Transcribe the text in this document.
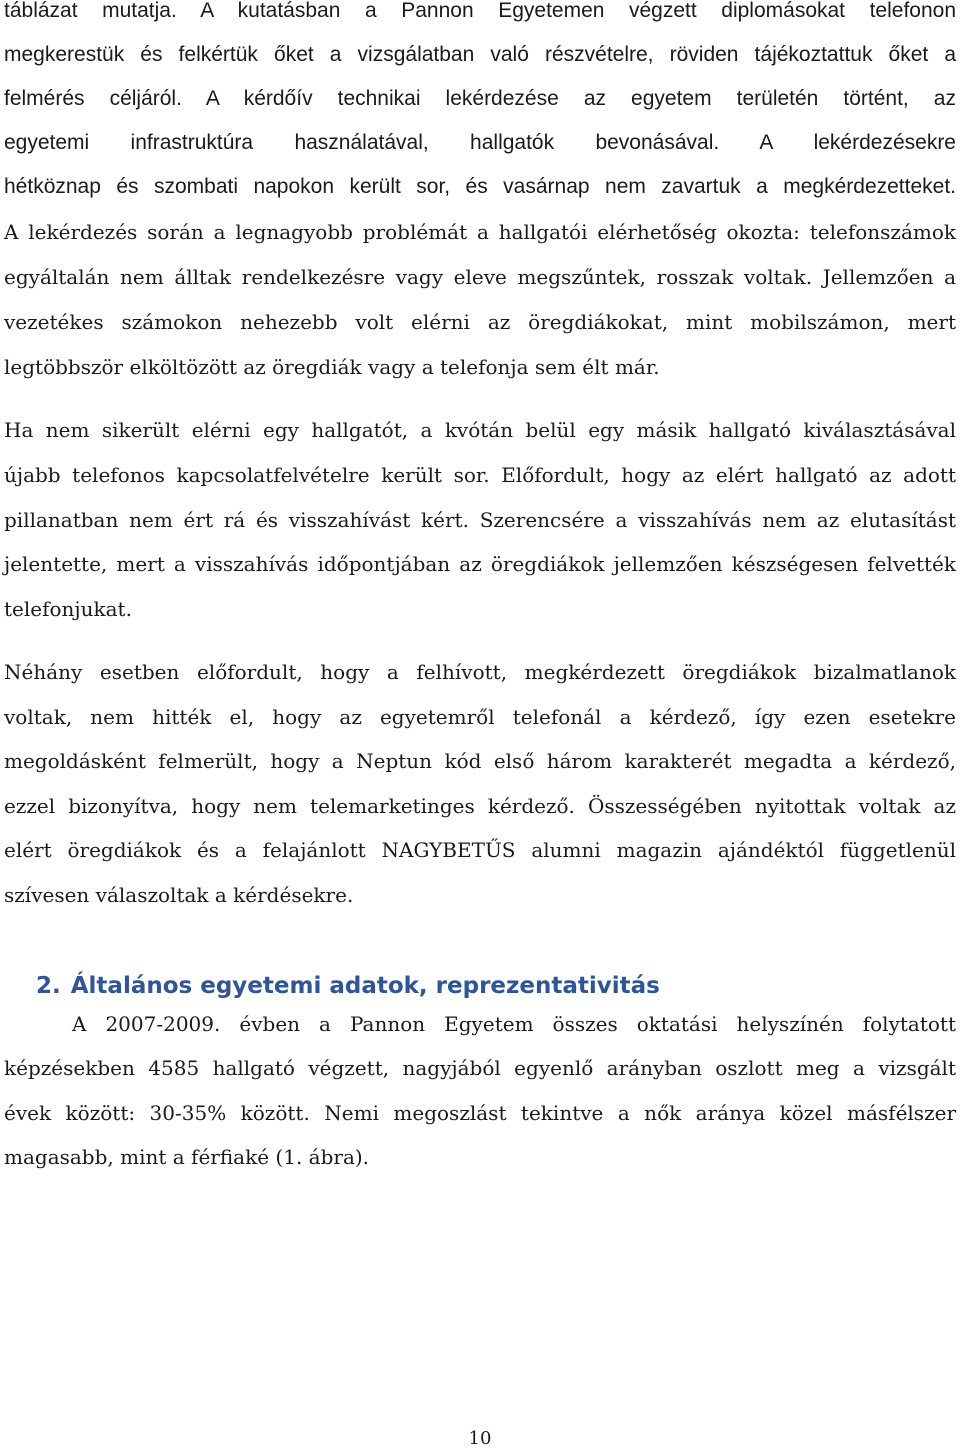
táblázat mutatja. A kutatásban a Pannon Egyetemen végzett diplomásokat telefonon

megkerestük és felkértük őket a vizsgálatban való részvételre, röviden tájékoztattuk őket a

felmérés céljáról. A kérdőív technikai lekérdezése az egyetem területén történt, az

egyetemi infrastruktúra használatával, hallgatók bevonásával. A lekérdezésekre

hétköznap és szombati napokon került sor, és vasárnap nem zavartuk a megkérdezetteket.

A lekérdezés során a legnagyobb problémát a hallgatói elérhetőség okozta: telefonszámok

egyáltalán nem álltak rendelkezésre vagy eleve megszűntek, rosszak voltak. Jellemzően a

vezetékes számokon nehezebb volt elérni az öregdiákokat, mint mobilszámon, mert

legtöbbször elköltözött az öregdiák vagy a telefonja sem élt már.

Ha nem sikerült elérni egy hallgatót, a kvótán belül egy másik hallgató kiválasztásával

újabb telefonos kapcsolatfelvételre került sor. Előfordult, hogy az elért hallgató az adott

pillanatban nem ért rá és visszahívást kért. Szerencsére a visszahívás nem az elutasítást

jelentette, mert a visszahívás időpontjában az öregdiákok jellemzően készségesen felvették

telefonjukat.

Néhány esetben előfordult, hogy a felhívott, megkérdezett öregdiákok bizalmatlanok

voltak, nem hitték el, hogy az egyetemről telefonál a kérdező, így ezen esetekre

megoldásként felmerült, hogy a Neptun kód első három karakterét megadta a kérdező,

ezzel bizonyítva, hogy nem telemarketinges kérdező. Összességében nyitottak voltak az

elért öregdiákok és a felajánlott NAGYBETŰS alumni magazin ajándéktól függetlenül

szívesen válaszoltak a kérdésekre.

2. Általános egyetemi adatok, reprezentativitás

A 2007-2009. évben a Pannon Egyetem összes oktatási helyszínén folytatott

képzésekben 4585 hallgató végzett, nagyjából egyenlő arányban oszlott meg a vizsgált

évek között: 30-35% között. Nemi megoszlást tekintve a nők aránya közel másfélszer

magasabb, mint a férfiaké (1. ábra).

10
